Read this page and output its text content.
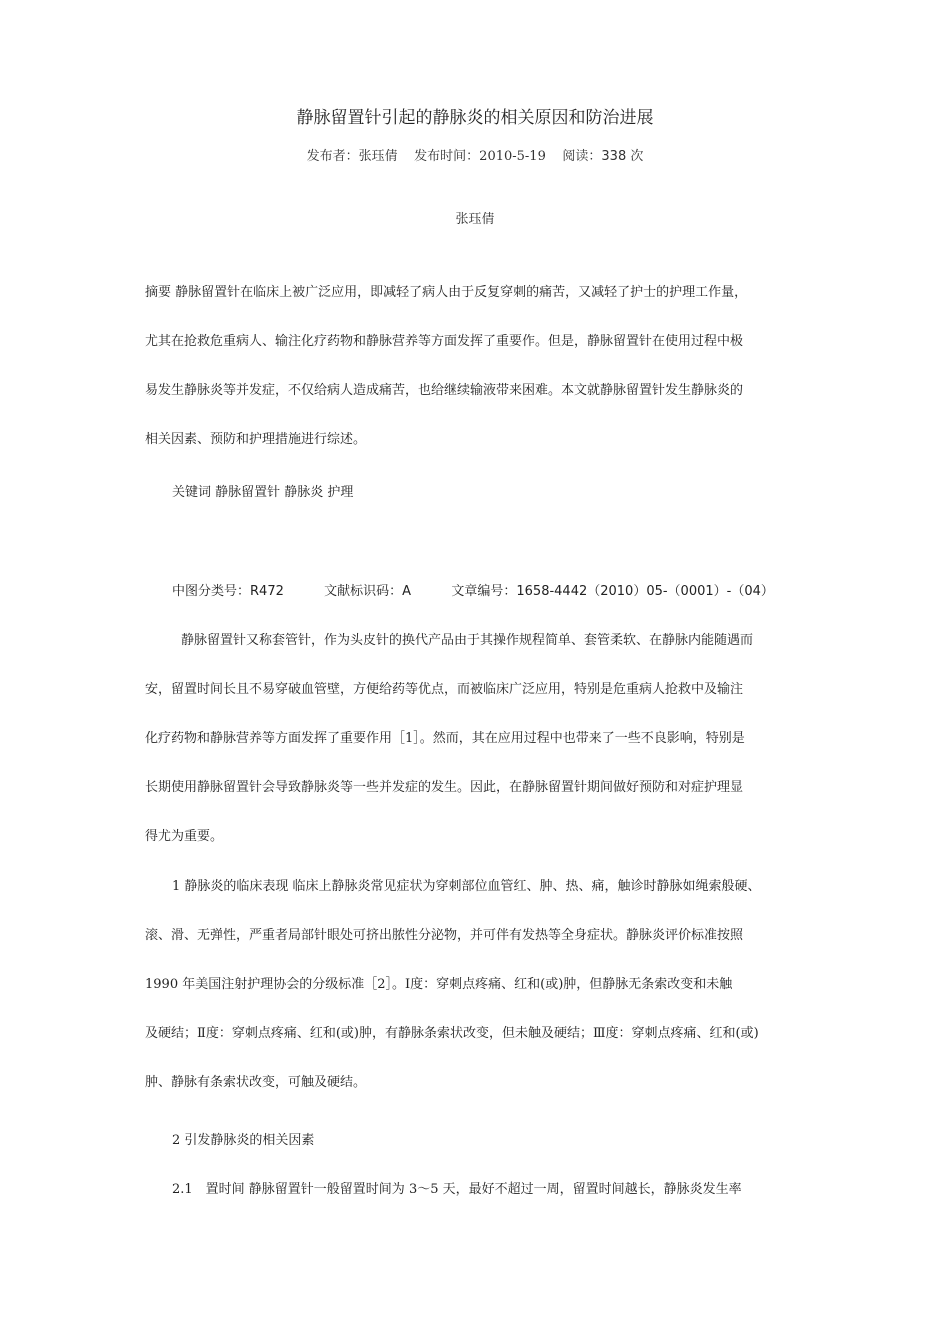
静脉留置针引起的静脉炎的相关原因和防治进展
发布者：张珏倩 发布时间：2010-5-19 阅读：338 次
张珏倩
摘要 静脉留置针在临床上被广泛应用，即减轻了病人由于反复穿刺的痛苦，又减轻了护士的护理工作量，
尤其在抢救危重病人、输注化疗药物和静脉营养等方面发挥了重要作。但是，静脉留置针在使用过程中极
易发生静脉炎等并发症，不仅给病人造成痛苦，也给继续输液带来困难。本文就静脉留置针发生静脉炎的
相关因素、预防和护理措施进行综述。
关键词 静脉留置针 静脉炎 护理
中图分类号：R472	文献标识码：A	文章编号：1658-4442（2010）05-（0001）-（04）
静脉留置针又称套管针，作为头皮针的换代产品由于其操作规程简单、套管柔软、在静脉内能随遇而
安，留置时间长且不易穿破血管壁，方便给药等优点，而被临床广泛应用，特别是危重病人抢救中及输注
化疗药物和静脉营养等方面发挥了重要作用［1］。然而，其在应用过程中也带来了一些不良影响，特别是
长期使用静脉留置针会导致静脉炎等一些并发症的发生。因此，在静脉留置针期间做好预防和对症护理显
得尤为重要。
1 静脉炎的临床表现 临床上静脉炎常见症状为穿刺部位血管红、肿、热、痛，触诊时静脉如绳索般硬、
滚、滑、无弹性，严重者局部针眼处可挤出脓性分泌物，并可伴有发热等全身症状。静脉炎评价标准按照
1990 年美国注射护理协会的分级标准［2］。Ⅰ度：穿刺点疼痛、红和(或)肿，但静脉无条索改变和未触
及硬结；Ⅱ度：穿刺点疼痛、红和(或)肿，有静脉条索状改变，但未触及硬结；Ⅲ度：穿刺点疼痛、红和(或)
肿、静脉有条索状改变，可触及硬结。
2 引发静脉炎的相关因素
2.1　置时间 静脉留置针一般留置时间为 3～5 天，最好不超过一周，留置时间越长，静脉炎发生率
